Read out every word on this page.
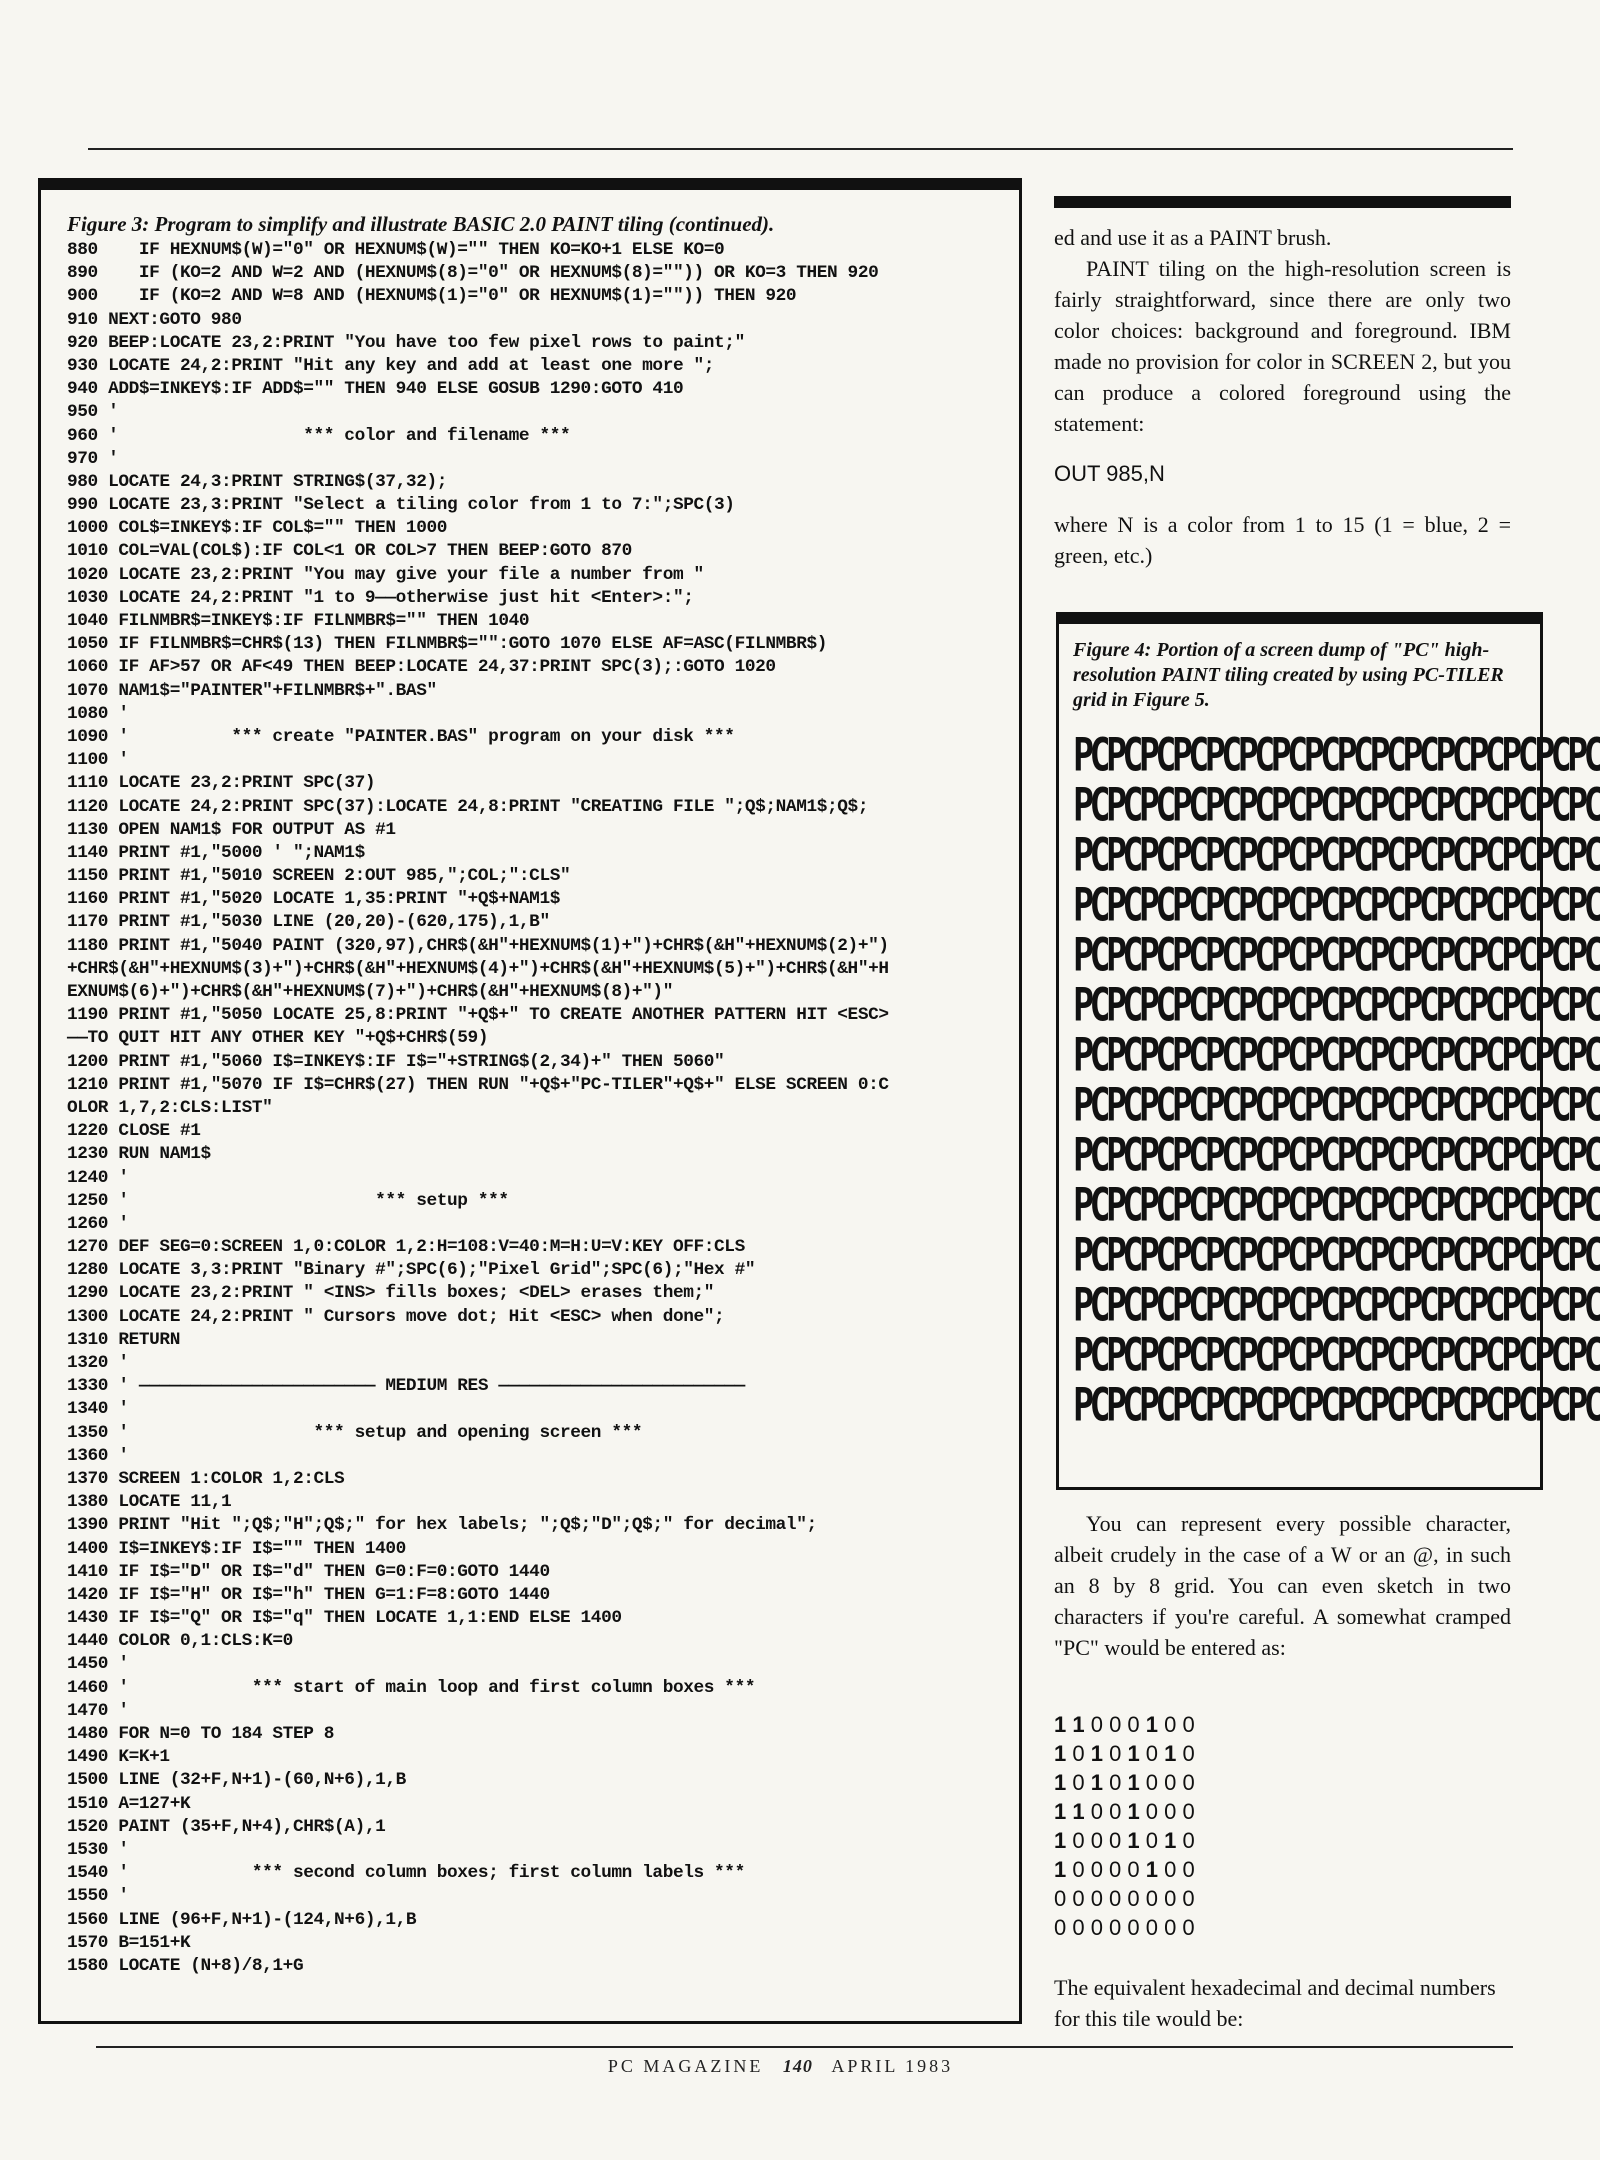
Figure 3: Program to simplify and illustrate BASIC 2.0 PAINT tiling (continued).
880    IF HEXNUM$(W)="0" OR HEXNUM$(W)="" THEN KO=KO+1 ELSE KO=0
890    IF (KO=2 AND W=2 AND (HEXNUM$(8)="0" OR HEXNUM$(8)="")) OR KO=3 THEN 920
900    IF (KO=2 AND W=8 AND (HEXNUM$(1)="0" OR HEXNUM$(1)="")) THEN 920
910 NEXT:GOTO 980
920 BEEP:LOCATE 23,2:PRINT "You have too few pixel rows to paint;"
930 LOCATE 24,2:PRINT "Hit any key and add at least one more ";
940 ADD$=INKEY$:IF ADD$="" THEN 940 ELSE GOSUB 1290:GOTO 410
950 '
960 '                  *** color and filename ***
970 '
980 LOCATE 24,3:PRINT STRING$(37,32);
990 LOCATE 23,3:PRINT "Select a tiling color from 1 to 7:";SPC(3)
1000 COL$=INKEY$:IF COL$="" THEN 1000
1010 COL=VAL(COL$):IF COL<1 OR COL>7 THEN BEEP:GOTO 870
1020 LOCATE 23,2:PRINT "You may give your file a number from "
1030 LOCATE 24,2:PRINT "1 to 9——otherwise just hit <Enter>:";
1040 FILNMBR$=INKEY$:IF FILNMBR$="" THEN 1040
1050 IF FILNMBR$=CHR$(13) THEN FILNMBR$="":GOTO 1070 ELSE AF=ASC(FILNMBR$)
1060 IF AF>57 OR AF<49 THEN BEEP:LOCATE 24,37:PRINT SPC(3);:GOTO 1020
1070 NAM1$="PAINTER"+FILNMBR$+".BAS"
1080 '
1090 '          *** create "PAINTER.BAS" program on your disk ***
1100 '
1110 LOCATE 23,2:PRINT SPC(37)
1120 LOCATE 24,2:PRINT SPC(37):LOCATE 24,8:PRINT "CREATING FILE ";Q$;NAM1$;Q$;
1130 OPEN NAM1$ FOR OUTPUT AS #1
1140 PRINT #1,"5000 ' ";NAM1$
1150 PRINT #1,"5010 SCREEN 2:OUT 985,";COL;":CLS"
1160 PRINT #1,"5020 LOCATE 1,35:PRINT "+Q$+NAM1$
1170 PRINT #1,"5030 LINE (20,20)-(620,175),1,B"
1180 PRINT #1,"5040 PAINT (320,97),CHR$(&H"+HEXNUM$(1)+")+CHR$(&H"+HEXNUM$(2)+")
+CHR$(&H"+HEXNUM$(3)+")+CHR$(&H"+HEXNUM$(4)+")+CHR$(&H"+HEXNUM$(5)+")+CHR$(&H"+H
EXNUM$(6)+")+CHR$(&H"+HEXNUM$(7)+")+CHR$(&H"+HEXNUM$(8)+")"
1190 PRINT #1,"5050 LOCATE 25,8:PRINT "+Q$+" TO CREATE ANOTHER PATTERN HIT <ESC>
——TO QUIT HIT ANY OTHER KEY "+Q$+CHR$(59)
1200 PRINT #1,"5060 I$=INKEY$:IF I$="+STRING$(2,34)+" THEN 5060"
1210 PRINT #1,"5070 IF I$=CHR$(27) THEN RUN "+Q$+"PC-TILER"+Q$+" ELSE SCREEN 0:C
OLOR 1,7,2:CLS:LIST"
1220 CLOSE #1
1230 RUN NAM1$
1240 '
1250 '                        *** setup ***
1260 '
1270 DEF SEG=0:SCREEN 1,0:COLOR 1,2:H=108:V=40:M=H:U=V:KEY OFF:CLS
1280 LOCATE 3,3:PRINT "Binary #";SPC(6);"Pixel Grid";SPC(6);"Hex #"
1290 LOCATE 23,2:PRINT " <INS> fills boxes; <DEL> erases them;"
1300 LOCATE 24,2:PRINT " Cursors move dot; Hit <ESC> when done";
1310 RETURN
1320 '
1330 ' ——————————————————————— MEDIUM RES ————————————————————————
1340 '
1350 '                  *** setup and opening screen ***
1360 '
1370 SCREEN 1:COLOR 1,2:CLS
1380 LOCATE 11,1
1390 PRINT "Hit ";Q$;"H";Q$;" for hex labels; ";Q$;"D";Q$;" for decimal";
1400 I$=INKEY$:IF I$="" THEN 1400
1410 IF I$="D" OR I$="d" THEN G=0:F=0:GOTO 1440
1420 IF I$="H" OR I$="h" THEN G=1:F=8:GOTO 1440
1430 IF I$="Q" OR I$="q" THEN LOCATE 1,1:END ELSE 1400
1440 COLOR 0,1:CLS:K=0
1450 '
1460 '            *** start of main loop and first column boxes ***
1470 '
1480 FOR N=0 TO 184 STEP 8
1490 K=K+1
1500 LINE (32+F,N+1)-(60,N+6),1,B
1510 A=127+K
1520 PAINT (35+F,N+4),CHR$(A),1
1530 '
1540 '            *** second column boxes; first column labels ***
1550 '
1560 LINE (96+F,N+1)-(124,N+6),1,B
1570 B=151+K
1580 LOCATE (N+8)/8,1+G

ed and use it as a PAINT brush.

PAINT tiling on the high-resolution screen is fairly straightforward, since there are only two color choices: background and foreground. IBM made no provision for color in SCREEN 2, but you can produce a colored foreground using the statement:

OUT 985,N

where N is a color from 1 to 15 (1 = blue, 2 = green, etc.)

Figure 4: Portion of a screen dump of "PC" high-resolution PAINT tiling created by using PC-TILER grid in Figure 5.
PCPCPCPCPCPCPCPCPCPCPCPCPCPCPCPC
PCPCPCPCPCPCPCPCPCPCPCPCPCPCPCPC
PCPCPCPCPCPCPCPCPCPCPCPCPCPCPCPC
PCPCPCPCPCPCPCPCPCPCPCPCPCPCPCPC
PCPCPCPCPCPCPCPCPCPCPCPCPCPCPCPC
PCPCPCPCPCPCPCPCPCPCPCPCPCPCPCPC
PCPCPCPCPCPCPCPCPCPCPCPCPCPCPCPC
PCPCPCPCPCPCPCPCPCPCPCPCPCPCPCPC
PCPCPCPCPCPCPCPCPCPCPCPCPCPCPCPC
PCPCPCPCPCPCPCPCPCPCPCPCPCPCPCPC
PCPCPCPCPCPCPCPCPCPCPCPCPCPCPCPC
PCPCPCPCPCPCPCPCPCPCPCPCPCPCPCPC
PCPCPCPCPCPCPCPCPCPCPCPCPCPCPCPC
PCPCPCPCPCPCPCPCPCPCPCPCPCPCPCPC

You can represent every possible character, albeit crudely in the case of a W or an @, in such an 8 by 8 grid. You can even sketch in two characters if you're careful. A somewhat cramped "PC" would be entered as:

1 1 0 0 0 1 0 0
1 0 1 0 1 0 1 0
1 0 1 0 1 0 0 0
1 1 0 0 1 0 0 0
1 0 0 0 1 0 1 0
1 0 0 0 0 1 0 0
0 0 0 0 0 0 0 0
0 0 0 0 0 0 0 0

The equivalent hexadecimal and decimal numbers for this tile would be:

PC MAGAZINE 140 APRIL 1983
